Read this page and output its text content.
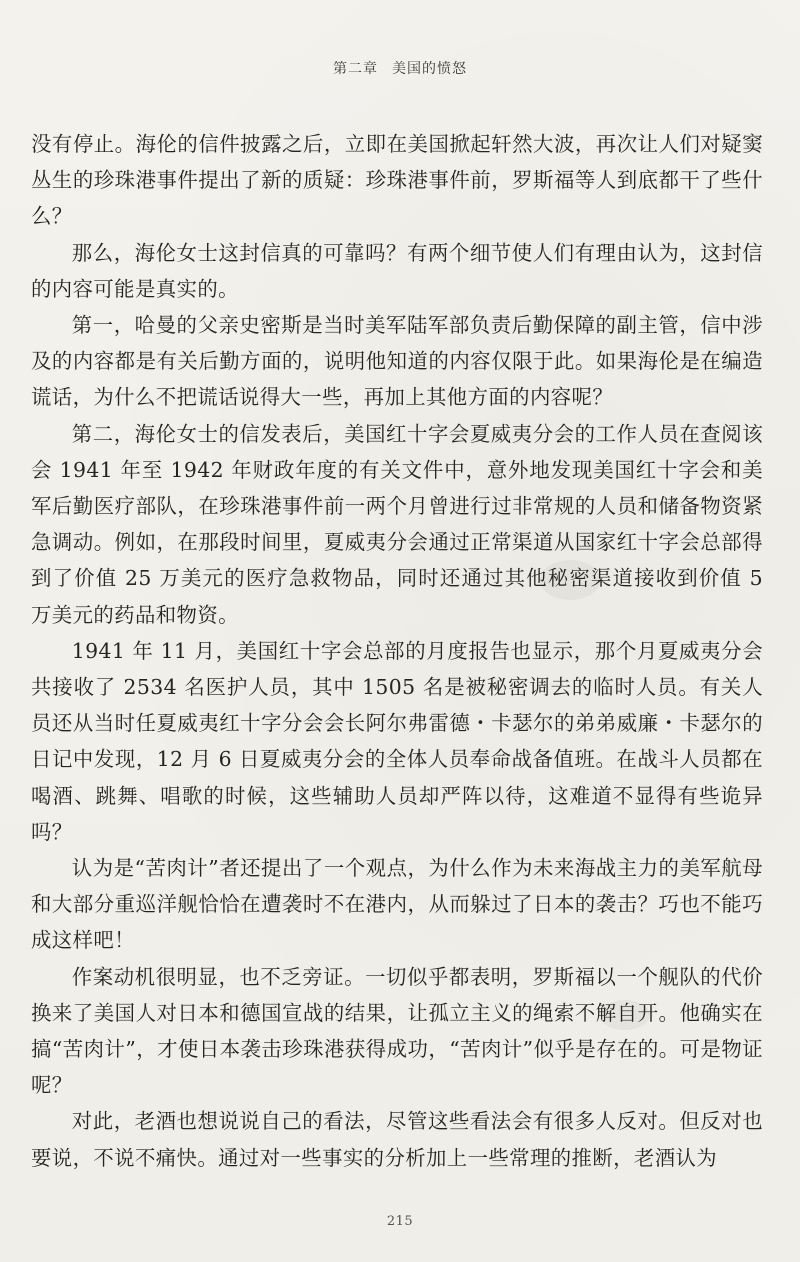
第二章 美国的愤怒

没有停止。海伦的信件披露之后，立即在美国掀起轩然大波，再次让人们对疑窦丛生的珍珠港事件提出了新的质疑：珍珠港事件前，罗斯福等人到底都干了些什么？

那么，海伦女士这封信真的可靠吗？有两个细节使人们有理由认为，这封信的内容可能是真实的。

第一，哈曼的父亲史密斯是当时美军陆军部负责后勤保障的副主管，信中涉及的内容都是有关后勤方面的，说明他知道的内容仅限于此。如果海伦是在编造谎话，为什么不把谎话说得大一些，再加上其他方面的内容呢？

第二，海伦女士的信发表后，美国红十字会夏威夷分会的工作人员在查阅该会 1941 年至 1942 年财政年度的有关文件中，意外地发现美国红十字会和美军后勤医疗部队，在珍珠港事件前一两个月曾进行过非常规的人员和储备物资紧急调动。例如，在那段时间里，夏威夷分会通过正常渠道从国家红十字会总部得到了价值 25 万美元的医疗急救物品，同时还通过其他秘密渠道接收到价值 5 万美元的药品和物资。

1941 年 11 月，美国红十字会总部的月度报告也显示，那个月夏威夷分会共接收了 2534 名医护人员，其中 1505 名是被秘密调去的临时人员。有关人员还从当时任夏威夷红十字分会会长阿尔弗雷德・卡瑟尔的弟弟威廉・卡瑟尔的日记中发现，12 月 6 日夏威夷分会的全体人员奉命战备值班。在战斗人员都在喝酒、跳舞、唱歌的时候，这些辅助人员却严阵以待，这难道不显得有些诡异吗？

认为是“苦肉计”者还提出了一个观点，为什么作为未来海战主力的美军航母和大部分重巡洋舰恰恰在遭袭时不在港内，从而躲过了日本的袭击？巧也不能巧成这样吧！

作案动机很明显，也不乏旁证。一切似乎都表明，罗斯福以一个舰队的代价换来了美国人对日本和德国宣战的结果，让孤立主义的绳索不解自开。他确实在搞“苦肉计”，才使日本袭击珍珠港获得成功，“苦肉计”似乎是存在的。可是物证呢？

对此，老酒也想说说自己的看法，尽管这些看法会有很多人反对。但反对也要说，不说不痛快。通过对一些事实的分析加上一些常理的推断，老酒认为

215
